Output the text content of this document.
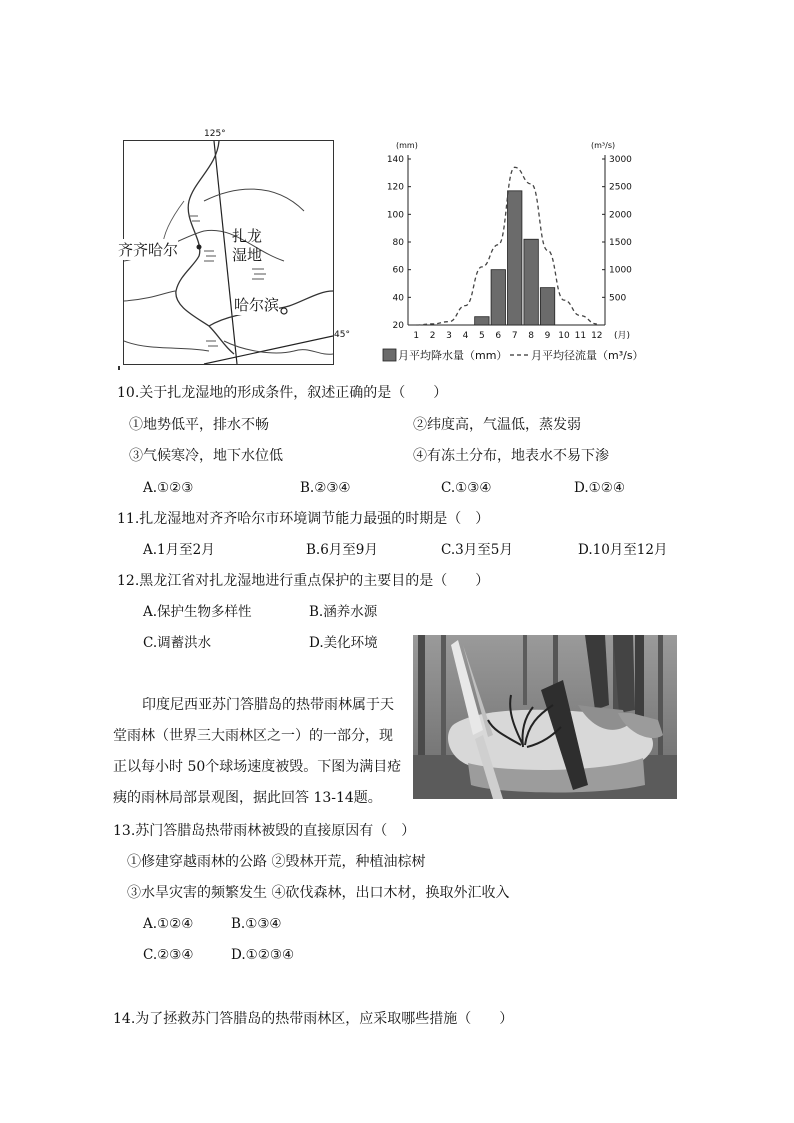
125°
45°
齐齐哈尔
扎龙
湿地
哈尔滨
20
40
60
80
100
120
140
500
1000
1500
2000
2500
3000
(mm)	(m³/s)
1 2 3 4 5 6 7 8 9 10 11 12 (月)
月平均降水量（mm） 月平均径流量（m³/s）
10.关于扎龙湿地的形成条件，叙述正确的是（　　）
①地势低平，排水不畅	②纬度高，气温低，蒸发弱
③气候寒冷，地下水位低	④有冻土分布，地表水不易下渗
A.①②③	B.②③④	C.①③④	D.①②④
11.扎龙湿地对齐齐哈尔市环境调节能力最强的时期是（　）
A.1月至2月	B.6月至9月	C.3月至5月	D.10月至12月
12.黑龙江省对扎龙湿地进行重点保护的主要目的是（　　）
A.保护生物多样性	B.涵养水源
C.调蓄洪水	D.美化环境
印度尼西亚苏门答腊岛的热带雨林属于天
堂雨林（世界三大雨林区之一）的一部分，现
正以每小时 50个球场速度被毁。下图为满目疮
痍的雨林局部景观图，据此回答 13-14题。
13.苏门答腊岛热带雨林被毁的直接原因有（　）
①修建穿越雨林的公路 ②毁林开荒，种植油棕树
③水旱灾害的频繁发生 ④砍伐森林，出口木材，换取外汇收入
A.①②④	B.①③④
C.②③④	D.①②③④
14.为了拯救苏门答腊岛的热带雨林区，应采取哪些措施（　　）
